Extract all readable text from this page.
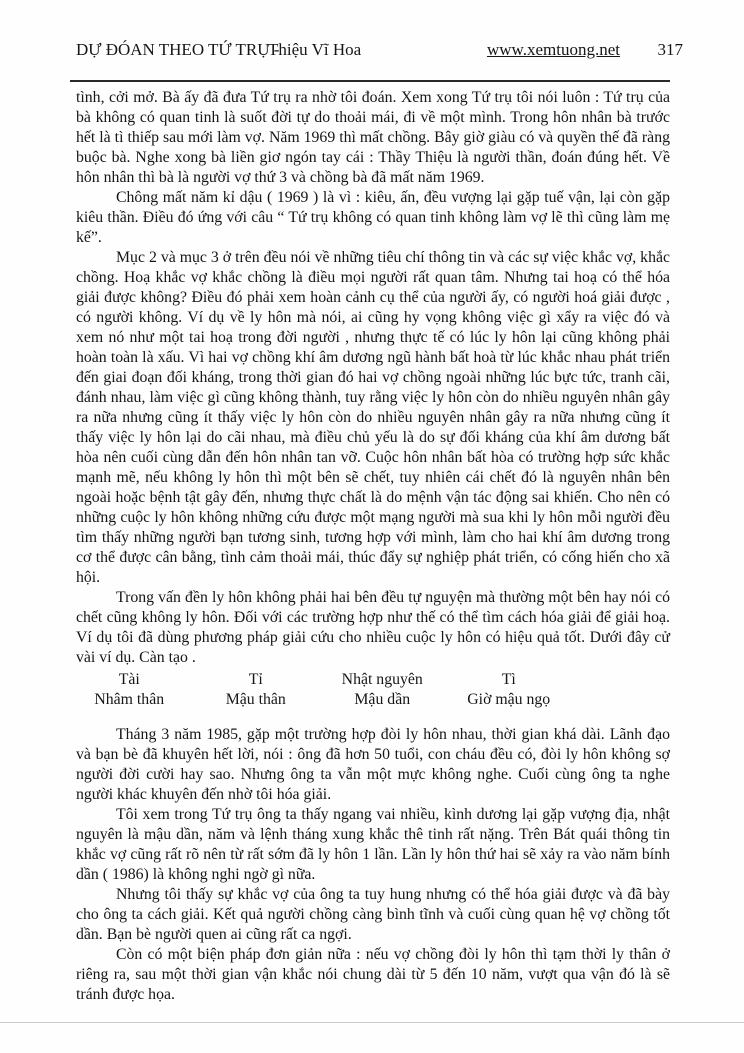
DỰ ĐÓAN THEO TỨ TRỤ -
Thiệu Vĩ Hoa	www.xemtuong.net 317

tình, cởi mở. Bà ấy đã đưa Tứ trụ ra nhờ tôi đoán. Xem xong Tứ trụ tôi nói luôn : Tứ trụ của bà không có quan tinh là suốt đời tự do thoải mái, đi về một mình. Trong hôn nhân bà trước hết là tì thiếp sau mới làm vợ. Năm 1969 thì mất chồng. Bây giờ giàu có và quyền thế đã ràng buộc bà. Nghe xong bà liền giơ ngón tay cái : Thầy Thiệu là người thần, đoán đúng hết. Về hôn nhân thì bà là người vợ thứ 3 và chồng bà đã mất năm 1969.

Chông mất năm kỉ dậu ( 1969 ) là vì : kiêu, ấn, đều vượng lại gặp tuế vận, lại còn gặp kiêu thần. Điều đó ứng với câu “ Tứ trụ không có quan tinh không làm vợ lẽ thì cũng làm mẹ kế”.

Mục 2 và mục 3 ở trên đều nói về những tiêu chí thông tin và các sự việc khắc vợ, khắc chồng. Hoạ khắc vợ khắc chồng là điều mọi người rất quan tâm. Nhưng tai hoạ có thể hóa giải được không? Điều đó phải xem hoàn cảnh cụ thể của người ấy, có người hoá giải được , có người không. Ví dụ về ly hôn mà nói, ai cũng hy vọng không việc gì xẩy ra việc đó và xem nó như một tai hoạ trong đời người , nhưng thực tế có lúc ly hôn lại cũng không phải hoàn toàn là xấu. Vì hai vợ chồng khí âm dương ngũ hành bất hoà từ lúc khắc nhau phát triển đến giai đoạn đối kháng, trong thời gian đó hai vợ chồng ngoài những lúc bực tức, tranh cãi, đánh nhau, làm việc gì cũng không thành, tuy rằng việc ly hôn còn do nhiều nguyên nhân gây ra nữa nhưng cũng ít thấy việc ly hôn còn do nhiều nguyên nhân gây ra nữa nhưng cũng ít thấy việc ly hôn lại do cãi nhau, mà điều chủ yếu là do sự đối kháng của khí âm dương bất hòa nên cuối cùng dẫn đến hôn nhân tan vỡ. Cuộc hôn nhân bất hòa có trường hợp sức khắc mạnh mẽ, nếu không ly hôn thì một bên sẽ chết, tuy nhiên cái chết đó là nguyên nhân bên ngoài hoặc bệnh tật gây đến, nhưng thực chất là do mệnh vận tác động sai khiến. Cho nên có những cuộc ly hôn không những cứu được một mạng người mà sua khi ly hôn mỗi người đều tìm thấy những người bạn tương sinh, tương hợp với mình, làm cho hai khí âm dương trong cơ thể được cân bằng, tình cảm thoải mái, thúc đẩy sự nghiệp phát triển, có cống hiến cho xã hội.

Trong vấn đền ly hôn không phải hai bên đều tự nguyện mà thường một bên hay nói có chết cũng không ly hôn. Đối với các trường hợp như thế có thể tìm cách hóa giải để giải hoạ. Ví dụ tôi đã dùng phương pháp giải cứu cho nhiều cuộc ly hôn có hiệu quả tốt. Dưới đây cử vài ví dụ. Càn tạo .

Tài	Tỉ	Nhật nguyên	Tì
Nhâm thân	Mậu thân	Mậu dần	Giờ mậu ngọ

Tháng 3 năm 1985, gặp một trường hợp đòi ly hôn nhau, thời gian khá dài. Lãnh đạo và bạn bè đã khuyên hết lời, nói : ông đã hơn 50 tuổi, con cháu đều có, đòi ly hôn không sợ người đời cười hay sao. Nhưng ông ta vẫn một mực không nghe. Cuối cùng ông ta nghe người khác khuyên đến nhờ tôi hóa giải.

Tôi xem trong Tứ trụ ông ta thấy ngang vai nhiều, kình dương lại gặp vượng địa, nhật nguyên là mậu dần, năm và lệnh tháng xung khắc thê tinh rất nặng. Trên Bát quái thông tin khắc vợ cũng rất rõ nên từ rất sớm đã ly hôn 1 lần. Lần ly hôn thứ hai sẽ xảy ra vào năm bính dần ( 1986) là không nghi ngờ gì nữa.

Nhưng tôi thấy sự khắc vợ của ông ta tuy hung nhưng có thể hóa giải được và đã bày cho ông ta cách giải. Kết quả người chồng càng bình tĩnh và cuối cùng quan hệ vợ chồng tốt dần. Bạn bè người quen ai cũng rất ca ngợi.

Còn có một biện pháp đơn giản nữa : nếu vợ chồng đòi ly hôn thì tạm thời ly thân ở riêng ra, sau một thời gian vận khắc nói chung dài từ 5 đến 10 năm, vượt qua vận đó là sẽ tránh được họa.
